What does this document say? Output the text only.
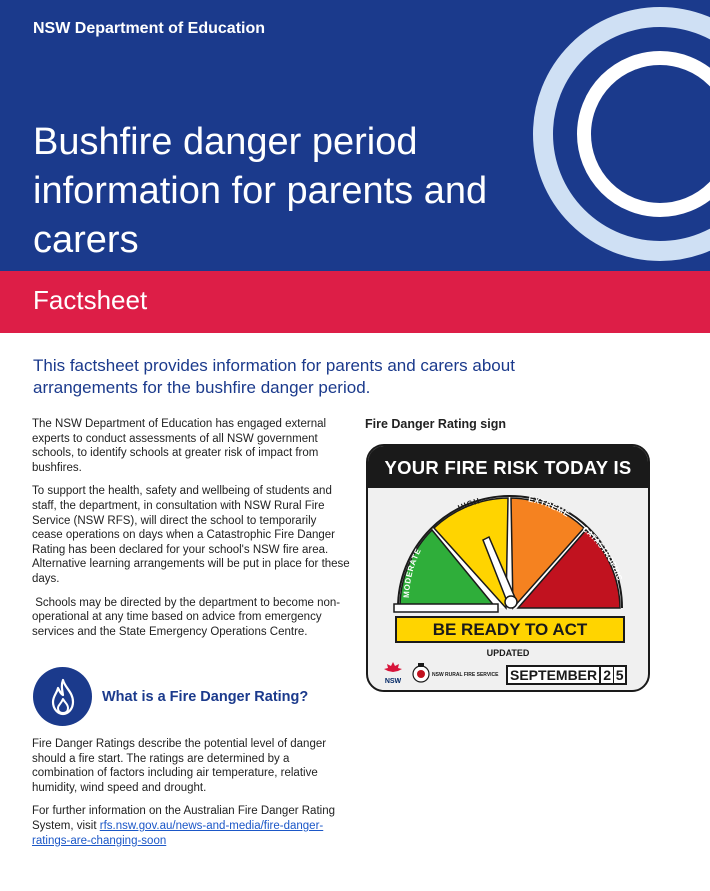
NSW Department of Education
Bushfire danger period information for parents and carers
Factsheet
This factsheet provides information for parents and carers about arrangements for the bushfire danger period.

The NSW Department of Education has engaged external experts to conduct assessments of all NSW government schools, to identify schools at greater risk of impact from bushfires.

To support the health, safety and wellbeing of students and staff, the department, in consultation with NSW Rural Fire Service (NSW RFS), will direct the school to temporarily cease operations on days when a Catastrophic Fire Danger Rating has been declared for your school's NSW fire area. Alternative learning arrangements will be put in place for these days.

Schools may be directed by the department to become non-operational at any time based on advice from emergency services and the State Emergency Operations Centre.

What is a Fire Danger Rating?

Fire Danger Ratings describe the potential level of danger should a fire start. The ratings are determined by a combination of factors including air temperature, relative humidity, wind speed and drought.

For further information on the Australian Fire Danger Rating System, visit rfs.nsw.gov.au/news-and-media/fire-danger-ratings-are-changing-soon

Fire Danger Rating sign
YOUR FIRE RISK TODAY IS
MODERATE
HIGH	EXTREME
CATASTROPHIC
BE READY TO ACT
UPDATED
NSW
NSW RURAL FIRE SERVICE SEPTEMBER 2 5
